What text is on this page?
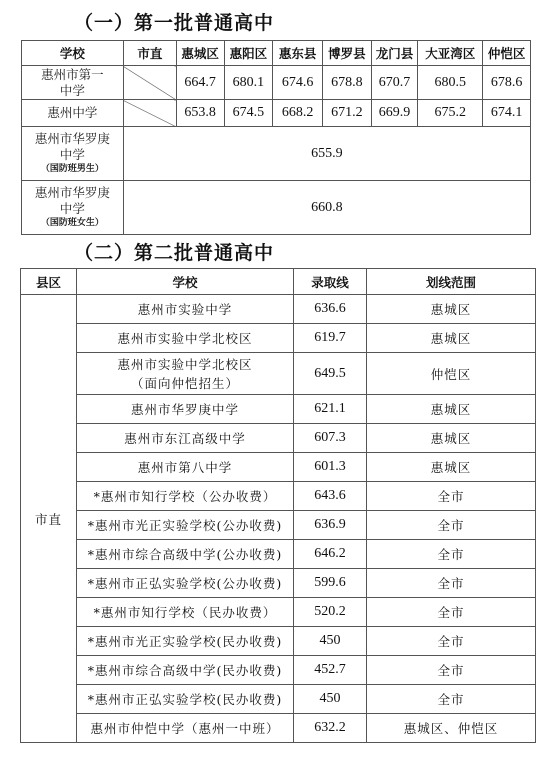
（一）第一批普通高中
学校	市直	惠城区	惠阳区	惠东县	博罗县	龙门县	大亚湾区	仲恺区
惠州市第一中学		664.7	680.1	674.6	678.8	670.7	680.5	678.6
惠州中学		653.8	674.5	668.2	671.2	669.9	675.2	674.1
惠州市华罗庚中学
（国防班男生）	655.9							
惠州市华罗庚中学
（国防班女生）	660.8							
（二）第二批普通高中
县区	学校	录取线	划线范围
市直	惠州市实验中学	636.6	惠城区
	惠州市实验中学北校区	619.7	惠城区

	惠州市实验中学北校区
（面向仲恺招生）	649.5	仲恺区
	惠州市华罗庚中学	621.1	惠城区
	惠州市东江高级中学	607.3	惠城区
	惠州市第八中学	601.3	惠城区
	*惠州市知行学校（公办收费）	643.6	全市
	*惠州市光正实验学校(公办收费)	636.9	全市
	*惠州市综合高级中学(公办收费)	646.2	全市
	*惠州市正弘实验学校(公办收费)	599.6	全市
	*惠州市知行学校（民办收费）	520.2	全市
	*惠州市光正实验学校(民办收费)	450	全市
	*惠州市综合高级中学(民办收费)	452.7	全市
	*惠州市正弘实验学校(民办收费)	450	全市
	惠州市仲恺中学（惠州一中班）	632.2	惠城区、仲恺区
